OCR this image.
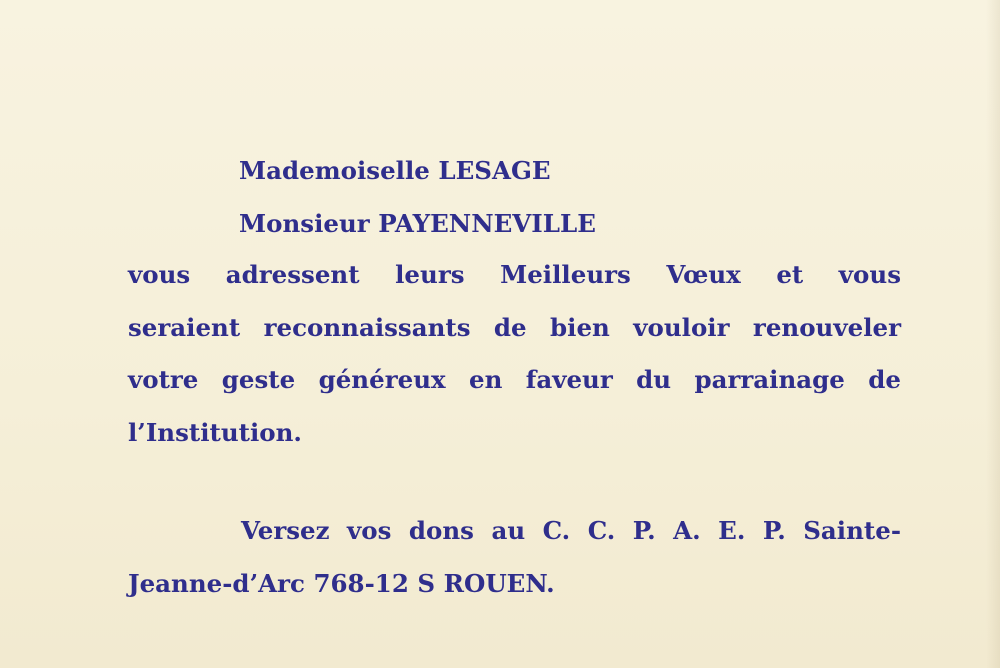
Mademoiselle LESAGE
Monsieur PAYENNEVILLE
vous adressent leurs Meilleurs Vœux et vous
seraient reconnaissants de bien vouloir renouveler
votre geste généreux en faveur du parrainage de
l’Institution.
Versez vos dons au C. C. P. A. E. P. Sainte-
Jeanne-d’Arc 768-12 S ROUEN.
